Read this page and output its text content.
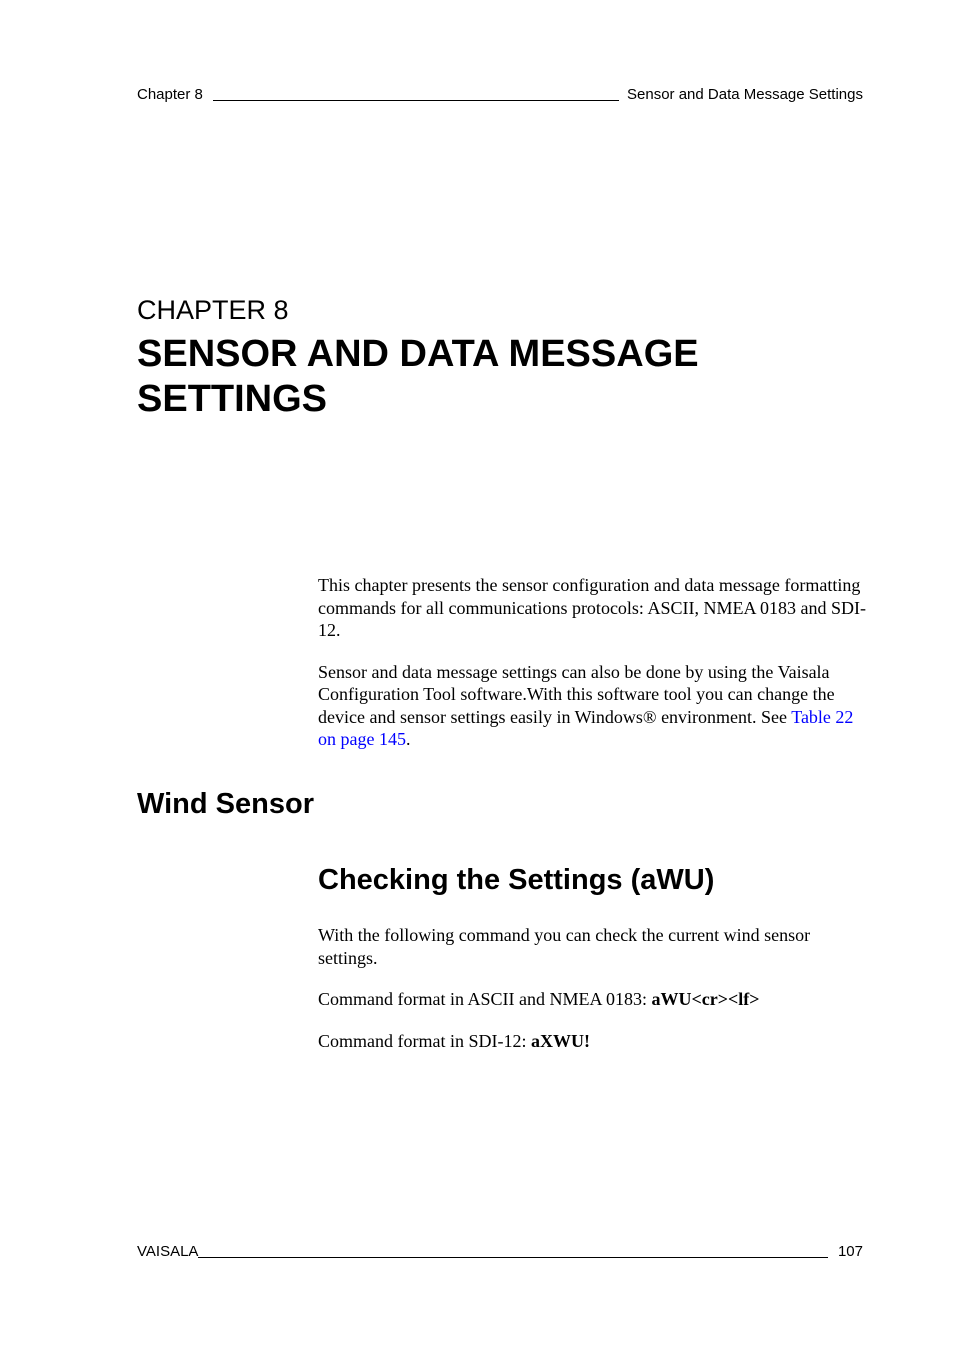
Chapter 8	Sensor and Data Message Settings
CHAPTER 8
SENSOR AND DATA MESSAGE
SETTINGS

This chapter presents the sensor configuration and data message formatting commands for all communications protocols: ASCII, NMEA 0183 and SDI-12.

Sensor and data message settings can also be done by using the Vaisala Configuration Tool software.With this software tool you can change the device and sensor settings easily in Windows® environment. See Table 22 on page 145.

Wind Sensor
Checking the Settings (aWU)

With the following command you can check the current wind sensor settings.

Command format in ASCII and NMEA 0183: aWU<cr><lf>

Command format in SDI-12: aXWU!

VAISALA	107
